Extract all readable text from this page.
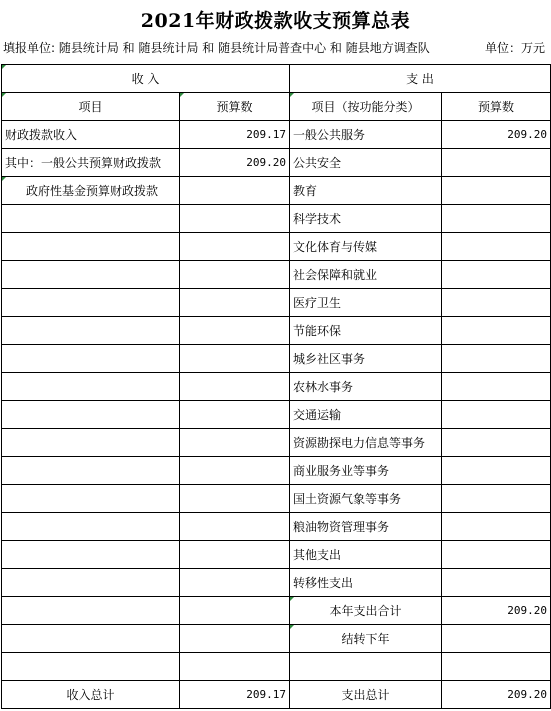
2021年财政拨款收支预算总表
填报单位: 随县统计局 和 随县统计局 和 随县统计局普查中心 和 随县地方调查队	单位：万元
收 入		支 出	
项目	预算数	项目（按功能分类）	预算数
财政拨款收入	209.17	一般公共服务	209.20
其中：一般公共预算财政拨款	209.20	公共安全	
政府性基金预算财政拨款		教育	
		科学技术	
		文化体育与传媒	
		社会保障和就业	
		医疗卫生	
		节能环保	
		城乡社区事务	
		农林水事务	
		交通运输	
		资源勘探电力信息等事务	
		商业服务业等事务	
		国土资源气象等事务	
		粮油物资管理事务	
		其他支出	
		转移性支出	
		本年支出合计	209.20
		结转下年	

收入总计	209.17	支出总计	209.20
